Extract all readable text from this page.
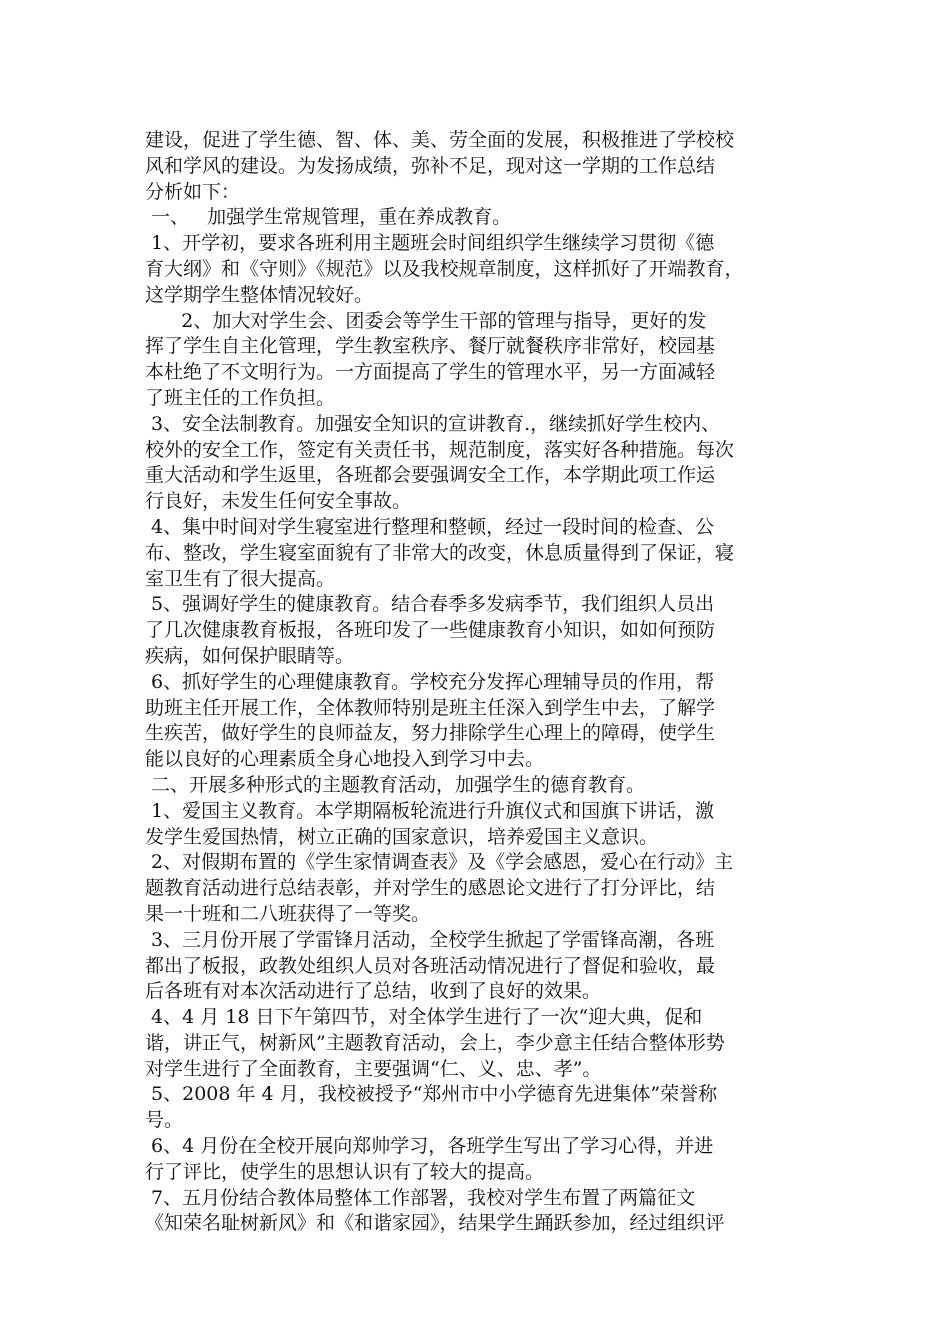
建设，促进了学生德、智、体、美、劳全面的发展，积极推进了学校校
风和学风的建设。为发扬成绩，弥补不足，现对这一学期的工作总结
分析如下：
一、   加强学生常规管理，重在养成教育。
1、开学初，要求各班利用主题班会时间组织学生继续学习贯彻《德
育大纲》和《守则》《规范》以及我校规章制度，这样抓好了开端教育，
这学期学生整体情况较好。
2、加大对学生会、团委会等学生干部的管理与指导，更好的发
挥了学生自主化管理，学生教室秩序、餐厅就餐秩序非常好，校园基
本杜绝了不文明行为。一方面提高了学生的管理水平，另一方面减轻
了班主任的工作负担。
3、安全法制教育。加强安全知识的宣讲教育.，继续抓好学生校内、
校外的安全工作，签定有关责任书，规范制度，落实好各种措施。每次
重大活动和学生返里，各班都会要强调安全工作，本学期此项工作运
行良好，未发生任何安全事故。
4、集中时间对学生寝室进行整理和整顿，经过一段时间的检查、公
布、整改，学生寝室面貌有了非常大的改变，休息质量得到了保证，寝
室卫生有了很大提高。
5、强调好学生的健康教育。结合春季多发病季节，我们组织人员出
了几次健康教育板报，各班印发了一些健康教育小知识，如如何预防
疾病，如何保护眼睛等。
6、抓好学生的心理健康教育。学校充分发挥心理辅导员的作用，帮
助班主任开展工作，全体教师特别是班主任深入到学生中去，了解学
生疾苦，做好学生的良师益友，努力排除学生心理上的障碍，使学生
能以良好的心理素质全身心地投入到学习中去。
二、开展多种形式的主题教育活动，加强学生的德育教育。
1、爱国主义教育。本学期隔板轮流进行升旗仪式和国旗下讲话，激
发学生爱国热情，树立正确的国家意识，培养爱国主义意识。
2、对假期布置的《学生家情调查表》及《学会感恩，爱心在行动》主
题教育活动进行总结表彰，并对学生的感恩论文进行了打分评比，结
果一十班和二八班获得了一等奖。
3、三月份开展了学雷锋月活动，全校学生掀起了学雷锋高潮，各班
都出了板报，政教处组织人员对各班活动情况进行了督促和验收，最
后各班有对本次活动进行了总结，收到了良好的效果。
4、4 月 18 日下午第四节，对全体学生进行了一次“迎大典，促和
谐，讲正气，树新风”主题教育活动，会上，李少意主任结合整体形势
对学生进行了全面教育，主要强调“仁、义、忠、孝”。
5、2008 年 4 月，我校被授予“郑州市中小学德育先进集体”荣誉称
号。
6、4 月份在全校开展向郑帅学习，各班学生写出了学习心得，并进
行了评比，使学生的思想认识有了较大的提高。
7、五月份结合教体局整体工作部署，我校对学生布置了两篇征文
《知荣名耻树新风》和《和谐家园》，结果学生踊跃参加，经过组织评
